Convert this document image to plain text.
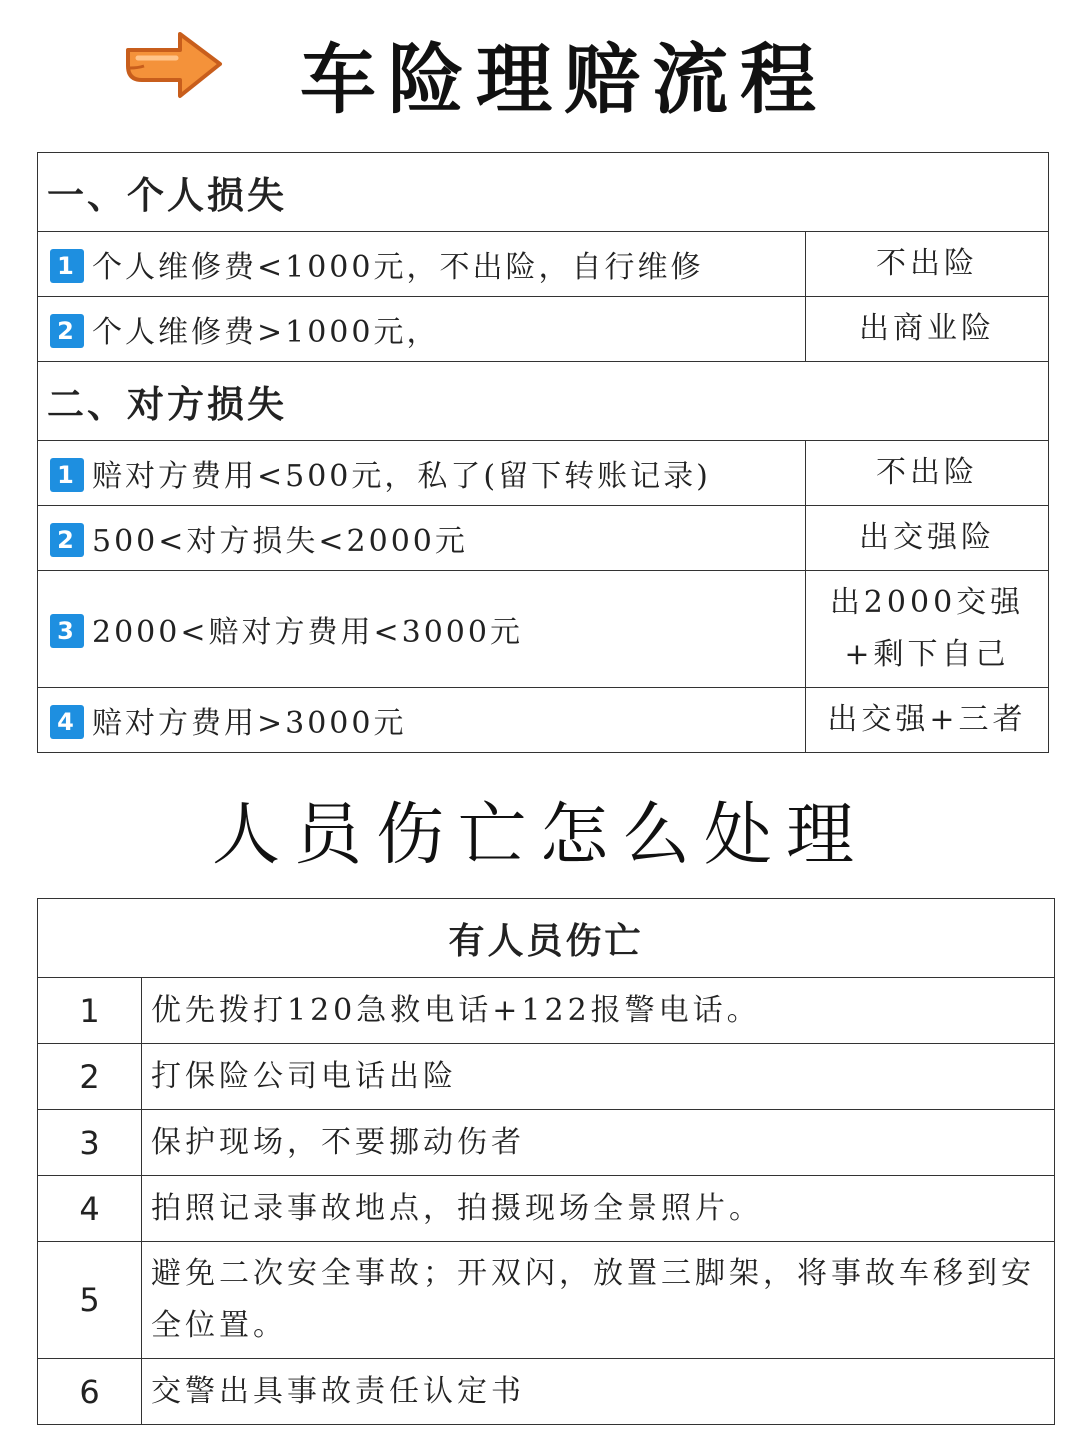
车险理赔流程
一、个人损失	
1 个人维修费<1000元，不出险，自行维修	不出险

2 个人维修费>1000元，	出商业险

二、对方损失	
1 赔对方费用<500元，私了(留下转账记录)	不出险

2 500<对方损失<2000元	出交强险

3 2000<赔对方费用<3000元	出2000交强
+剩下自己

4 赔对方费用>3000元	出交强+三者
人员伤亡怎么处理
有人员伤亡	
1	优先拨打120急救电话+122报警电话。
2	打保险公司电话出险
3	保护现场，不要挪动伤者
4	拍照记录事故地点，拍摄现场全景照片。
5	避免二次安全事故；开双闪，放置三脚架，将事故车移到安全位置。
6	交警出具事故责任认定书
